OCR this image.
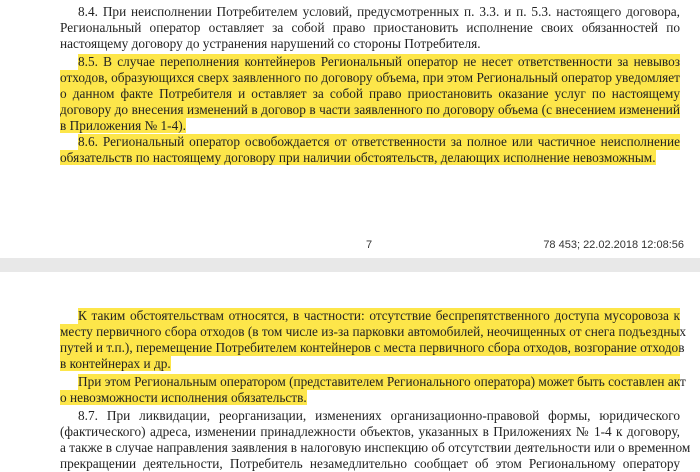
8.4. При неисполнении Потребителем условий, предусмотренных п. 3.3. и п. 5.3. настоящего договора,
Региональный оператор оставляет за собой право приостановить исполнение своих обязанностей по
настоящему договору до устранения нарушений со стороны Потребителя.
8.5. В случае переполнения контейнеров Региональный оператор не несет ответственности за невывоз
отходов, образующихся сверх заявленного по договору объема, при этом Региональный оператор уведомляет
о данном факте Потребителя и оставляет за собой право приостановить оказание услуг по настоящему
договору до внесения изменений в договор в части заявленного по договору объема (с внесением изменений
в Приложения № 1-4).
8.6. Региональный оператор освобождается от ответственности за полное или частичное неисполнение
обязательств по настоящему договору при наличии обстоятельств, делающих исполнение невозможным.
7	78 453; 22.02.2018 12:08:56
К таким обстоятельствам относятся, в частности: отсутствие беспрепятственного доступа мусоровоза к
месту первичного сбора отходов (в том числе из-за парковки автомобилей, неочищенных от снега подъездных
путей и т.п.), перемещение Потребителем контейнеров с места первичного сбора отходов, возгорание отходов
в контейнерах и др.
При этом Региональным оператором (представителем Регионального оператора) может быть составлен акт
о невозможности исполнения обязательств.
8.7. При ликвидации, реорганизации, изменениях организационно-правовой формы, юридического
(фактического) адреса, изменении принадлежности объектов, указанных в Приложениях № 1-4 к договору,
а также в случае направления заявления в налоговую инспекцию об отсутствии деятельности или о временном
прекращении деятельности, Потребитель незамедлительно сообщает об этом Региональному оператору
